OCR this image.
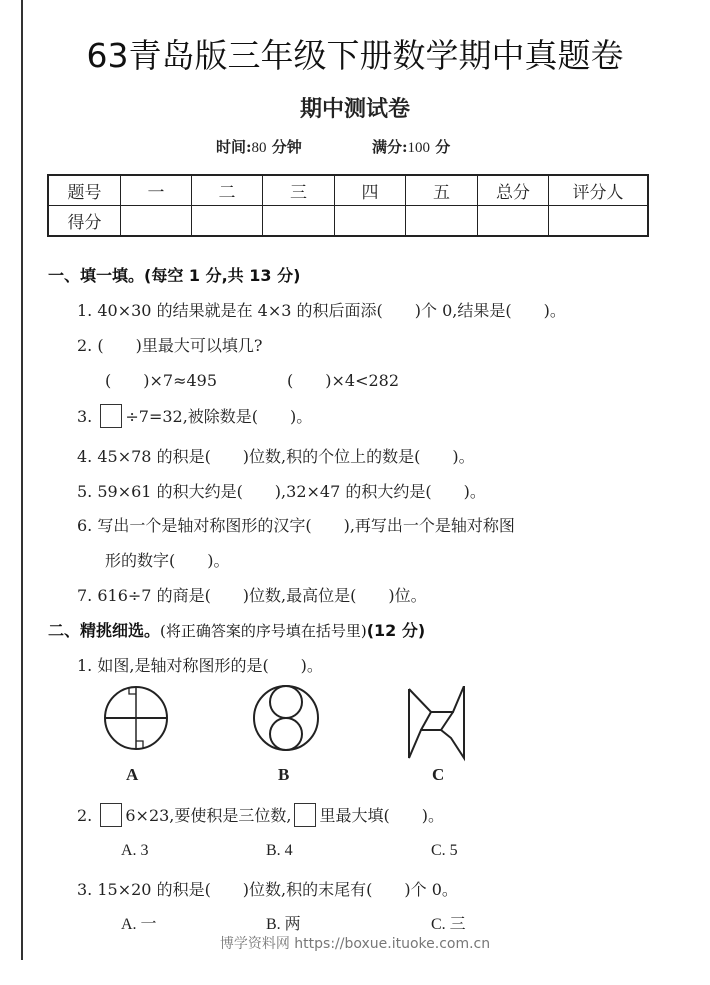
63青岛版三年级下册数学期中真题卷
期中测试卷
时间:80 分钟	满分:100 分
题号	一	二	三	四	五	总分	评分人
得分							
一、填一填。(每空 1 分,共 13 分)
1. 40×30 的结果就是在 4×3 的积后面添(　　)个 0,结果是(　　)。
2. (　　)里最大可以填几?
(　　)×7≈495	(　　)×4<282
3. ÷7=32,被除数是(　　)。
4. 45×78 的积是(　　)位数,积的个位上的数是(　　)。
5. 59×61 的积大约是(　　),32×47 的积大约是(　　)。
6. 写出一个是轴对称图形的汉字(　　),再写出一个是轴对称图
形的数字(　　)。
7. 616÷7 的商是(　　)位数,最高位是(　　)位。
二、精挑细选。(将正确答案的序号填在括号里)(12 分)
1. 如图,是轴对称图形的是(　　)。
A	B	C
2. 6×23,要使积是三位数, 里最大填(　　)。
A. 3	B. 4	C. 5
3. 15×20 的积是(　　)位数,积的末尾有(　　)个 0。
A. 一	B. 两	C. 三
博学资料网 https://boxue.ituoke.com.cn
